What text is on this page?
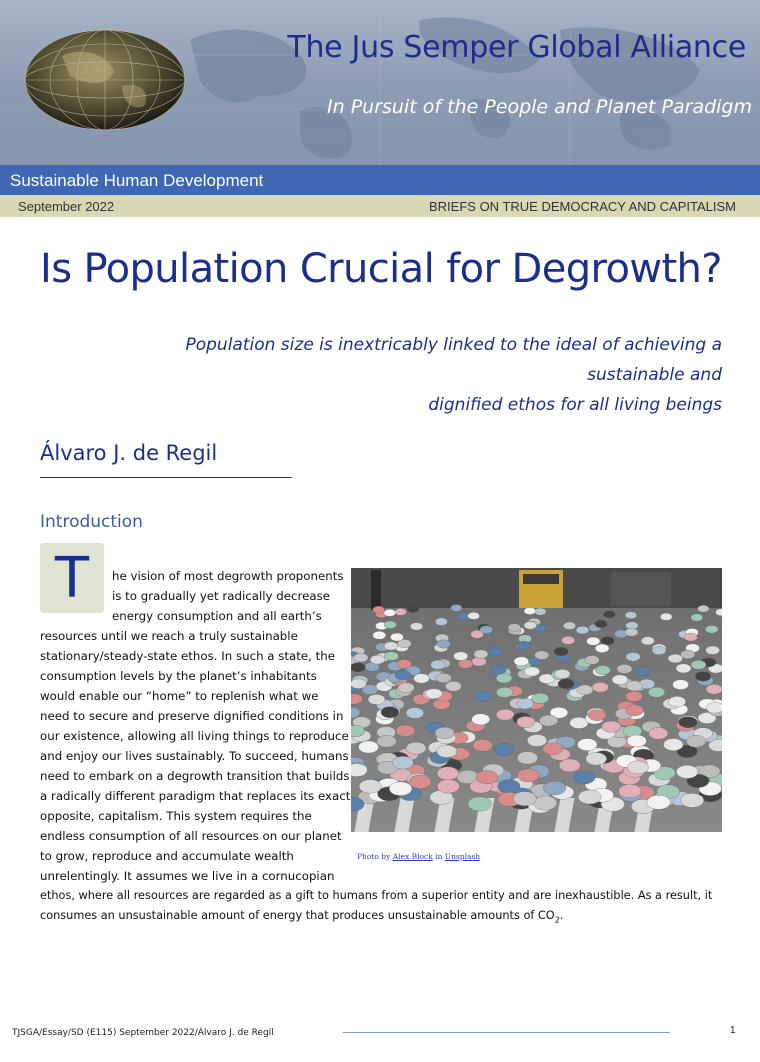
The Jus Semper Global Alliance
In Pursuit of the People and Planet Paradigm
Sustainable Human Development
September 2022	BRIEFS ON TRUE DEMOCRACY AND CAPITALISM
Is Population Crucial for Degrowth?
Population size is inextricably linked to the ideal of achieving a sustainable and
dignified ethos for all living beings
Álvaro J. de Regil
Introduction
T	he vision of most degrowth proponents
is to gradually yet radically decrease
energy consumption and all earth’s
resources until we reach a truly sustainable
stationary/steady-state ethos. In such a state, the
consumption levels by the planet’s inhabitants
would enable our “home” to replenish what we
need to secure and preserve dignified conditions in
our existence, allowing all living things to reproduce
and enjoy our lives sustainably. To succeed, humans
need to embark on a degrowth transition that builds
a radically different paradigm that replaces its exact
opposite, capitalism. This system requires the
endless consumption of all resources on our planet
to grow, reproduce and accumulate wealth
unrelentingly. It assumes we live in a cornucopian
ethos, where all resources are regarded as a gift to humans from a superior entity and are inexhaustible. As a result, it
consumes an unsustainable amount of energy that produces unsustainable amounts of $CO_2$.
Photo by Alex Block in Unsplash
TJSGA/Essay/SD (E115) September 2022/Álvaro J. de Regil	1
